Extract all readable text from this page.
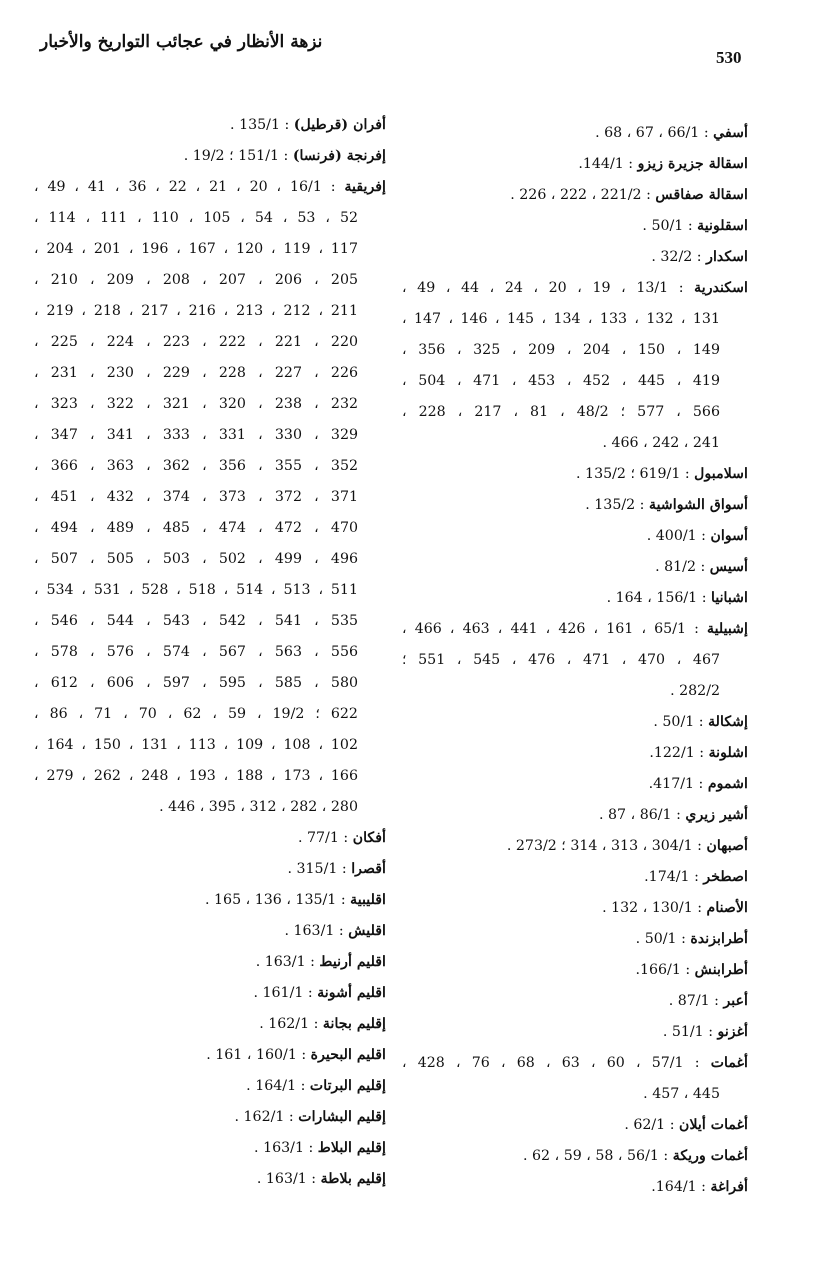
نزهة الأنظار في عجائب التواريخ والأخبار
530
أسفي : 66/1 ، 67 ، 68 .
اسقالة جزيرة زيزو : 144/1.
اسقالة صفاقس : 221/2 ، 222 ، 226 .
اسقلونية : 50/1 .
اسكدار : 32/2 .
اسكندرية : 13/1 ، 19 ، 20 ، 24 ، 44 ، 49 ،
131 ، 132 ، 133 ، 134 ، 145 ، 146 ، 147 ،
149 ، 150 ، 204 ، 209 ، 325 ، 356 ،
419 ، 445 ، 452 ، 453 ، 471 ، 504 ،
566 ، 577 ؛ 48/2 ، 81 ، 217 ، 228 ،
241 ، 242 ، 466 .
اسلامبول : 619/1 ؛ 135/2 .
أسواق الشواشية : 135/2 .
أسوان : 400/1 .
أسيس : 81/2 .
اشبانيا : 156/1 ، 164 .
إشبيلية : 65/1 ، 161 ، 426 ، 441 ، 463 ، 466 ،
467 ، 470 ، 471 ، 476 ، 545 ، 551 ؛
282/2 .
إشكالة : 50/1 .
اشلونة : 122/1.
اشموم : 417/1.
أشير زيري : 86/1 ، 87 .
أصبهان : 304/1 ، 313 ، 314 ؛ 273/2 .
اصطخر : 174/1.
الأصنام : 130/1 ، 132 .
أطرابزندة : 50/1 .
أطرابنش : 166/1.
أعبر : 87/1 .
أغزنو : 51/1 .
أغمات : 57/1 ، 60 ، 63 ، 68 ، 76 ، 428 ،
445 ، 457 .
أغمات أيلان : 62/1 .
أغمات وريكة : 56/1 ، 58 ، 59 ، 62 .
أفراغة : 164/1.
أفران (قرطيل) : 135/1 .
إفرنجة (فرنسا) : 151/1 ؛ 19/2 .
إفريقية : 16/1 ، 20 ، 21 ، 22 ، 36 ، 41 ، 49 ،
52 ، 53 ، 54 ، 105 ، 110 ، 111 ، 114 ،
117 ، 119 ، 120 ، 167 ، 196 ، 201 ، 204 ،
205 ، 206 ، 207 ، 208 ، 209 ، 210 ،
211 ، 212 ، 213 ، 216 ، 217 ، 218 ، 219 ،
220 ، 221 ، 222 ، 223 ، 224 ، 225 ،
226 ، 227 ، 228 ، 229 ، 230 ، 231 ،
232 ، 238 ، 320 ، 321 ، 322 ، 323 ،
329 ، 330 ، 331 ، 333 ، 341 ، 347 ،
352 ، 355 ، 356 ، 362 ، 363 ، 366 ،
371 ، 372 ، 373 ، 374 ، 432 ، 451 ،
470 ، 472 ، 474 ، 485 ، 489 ، 494 ،
496 ، 499 ، 502 ، 503 ، 505 ، 507 ،
511 ، 513 ، 514 ، 518 ، 528 ، 531 ، 534 ،
535 ، 541 ، 542 ، 543 ، 544 ، 546 ،
556 ، 563 ، 567 ، 574 ، 576 ، 578 ،
580 ، 585 ، 595 ، 597 ، 606 ، 612 ،
622 ؛ 19/2 ، 59 ، 62 ، 70 ، 71 ، 86 ،
102 ، 108 ، 109 ، 113 ، 131 ، 150 ، 164 ،
166 ، 173 ، 188 ، 193 ، 248 ، 262 ، 279 ،
280 ، 282 ، 312 ، 395 ، 446 .
أفكان : 77/1 .
أقصرا : 315/1 .
اقليبية : 135/1 ، 136 ، 165 .
اقليش : 163/1 .
اقليم أرنيط : 163/1 .
اقليم أشونة : 161/1 .
إقليم بجانة : 162/1 .
اقليم البحيرة : 160/1 ، 161 .
إقليم البرتات : 164/1 .
إقليم البشارات : 162/1 .
إقليم البلاط : 163/1 .
إقليم بلاطة : 163/1 .
